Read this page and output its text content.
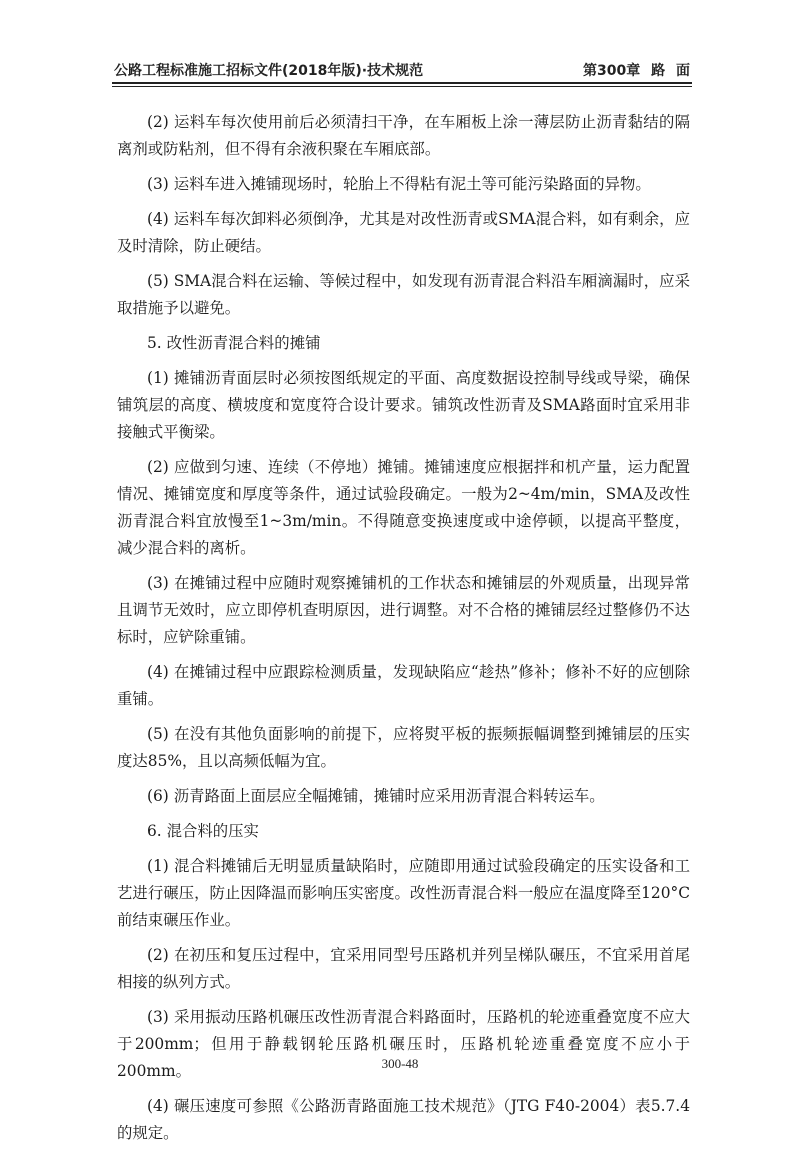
公路工程标准施工招标文件(2018年版)·技术规范	第300章 路 面

(2) 运料车每次使用前后必须清扫干净，在车厢板上涂一薄层防止沥青黏结的隔离剂或防粘剂，但不得有余液积聚在车厢底部。

(3) 运料车进入摊铺现场时，轮胎上不得粘有泥土等可能污染路面的异物。

(4) 运料车每次卸料必须倒净，尤其是对改性沥青或SMA混合料，如有剩余，应及时清除，防止硬结。

(5) SMA混合料在运输、等候过程中，如发现有沥青混合料沿车厢滴漏时，应采取措施予以避免。

5. 改性沥青混合料的摊铺

(1) 摊铺沥青面层时必须按图纸规定的平面、高度数据设控制导线或导梁，确保铺筑层的高度、横坡度和宽度符合设计要求。铺筑改性沥青及SMA路面时宜采用非接触式平衡梁。

(2) 应做到匀速、连续（不停地）摊铺。摊铺速度应根据拌和机产量，运力配置情况、摊铺宽度和厚度等条件，通过试验段确定。一般为2~4m/min，SMA及改性沥青混合料宜放慢至1~3m/min。不得随意变换速度或中途停顿，以提高平整度，减少混合料的离析。

(3) 在摊铺过程中应随时观察摊铺机的工作状态和摊铺层的外观质量，出现异常且调节无效时，应立即停机查明原因，进行调整。对不合格的摊铺层经过整修仍不达标时，应铲除重铺。

(4) 在摊铺过程中应跟踪检测质量，发现缺陷应“趁热”修补；修补不好的应刨除重铺。

(5) 在没有其他负面影响的前提下，应将熨平板的振频振幅调整到摊铺层的压实度达85%，且以高频低幅为宜。

(6) 沥青路面上面层应全幅摊铺，摊铺时应采用沥青混合料转运车。

6. 混合料的压实

(1) 混合料摊铺后无明显质量缺陷时，应随即用通过试验段确定的压实设备和工艺进行碾压，防止因降温而影响压实密度。改性沥青混合料一般应在温度降至120°C前结束碾压作业。

(2) 在初压和复压过程中，宜采用同型号压路机并列呈梯队碾压，不宜采用首尾相接的纵列方式。

(3) 采用振动压路机碾压改性沥青混合料路面时，压路机的轮迹重叠宽度不应大于200mm；但用于静载钢轮压路机碾压时，压路机轮迹重叠宽度不应小于200mm。

(4) 碾压速度可参照《公路沥青路面施工技术规范》（JTG F40-2004）表5.7.4的规定。

300-48
